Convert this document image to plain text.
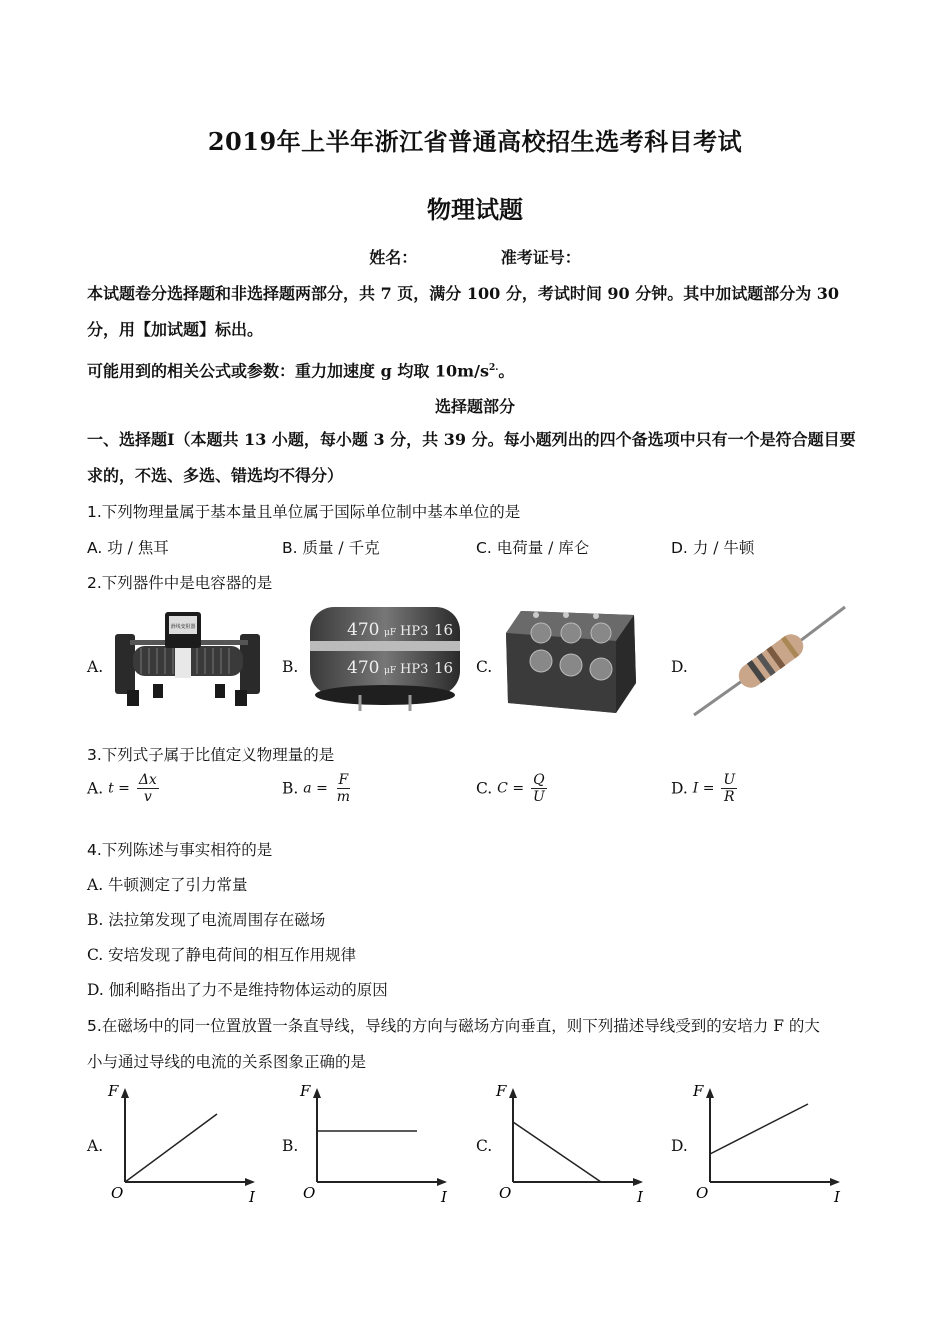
2019年上半年浙江省普通高校招生选考科目考试
物理试题
姓名：	准考证号：
本试题卷分选择题和非选择题两部分，共 7 页，满分 100 分，考试时间 90 分钟。其中加试题部分为 30 分，用【加试题】标出。
可能用到的相关公式或参数：重力加速度 g 均取 $10m/s^{2.}$。
选择题部分
一、选择题Ⅰ（本题共 13 小题，每小题 3 分，共 39 分。每小题列出的四个备选项中只有一个是符合题目要求的，不选、多选、错选均不得分）
1.下列物理量属于基本量且单位属于国际单位制中基本单位的是
A. 功 / 焦耳	B. 质量 / 千克	C. 电荷量 / 库仑	D. 力 / 牛顿
2.下列器件中是电容器的是
A.	B.	C.	D.
滑线变阻器	470 μF HP3 16
470 μF HP3 16
3.下列式子属于比值定义物理量的是
A. $t = \frac{\Delta x}{v}$	B. $a = \frac{F}{m}$	C. $C = \frac{Q}{U}$	D. $I = \frac{U}{R}$
4.下列陈述与事实相符的是
A. 牛顿测定了引力常量
B. 法拉第发现了电流周围存在磁场
C. 安培发现了静电荷间的相互作用规律
D. 伽利略指出了力不是维持物体运动的原因
5.在磁场中的同一位置放置一条直导线，导线的方向与磁场方向垂直，则下列描述导线受到的安培力 F 的大
小与通过导线的电流的关系图象正确的是
A.	B.	C.	D.
F
I
O
F
I
O
F
I
O
F
I
O
